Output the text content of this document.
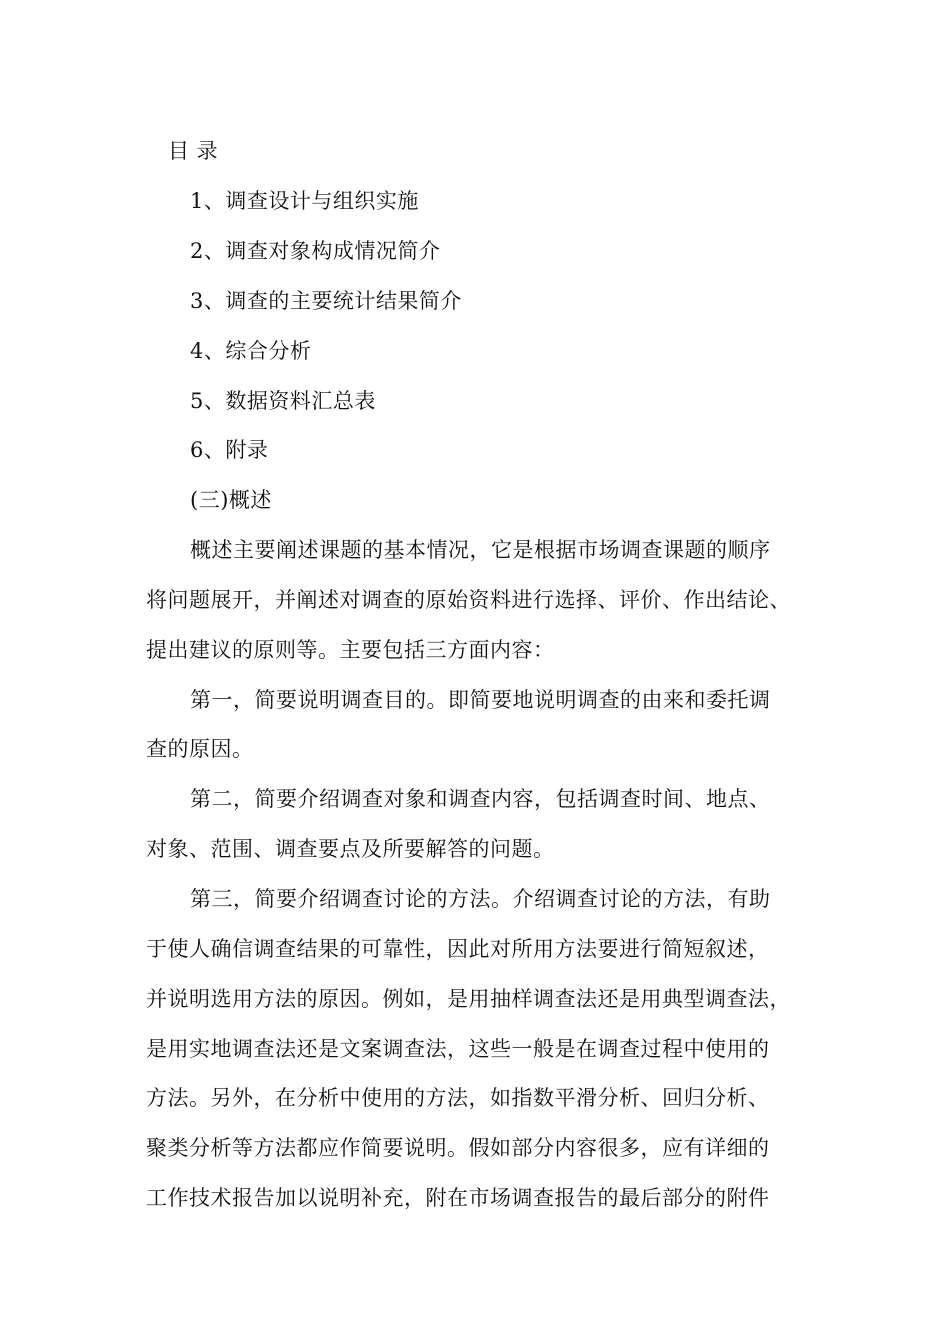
目 录
1、调查设计与组织实施
2、调查对象构成情况简介
3、调查的主要统计结果简介
4、综合分析
5、数据资料汇总表
6、附录
(三)概述
概述主要阐述课题的基本情况，它是根据市场调查课题的顺序
将问题展开，并阐述对调查的原始资料进行选择、评价、作出结论、
提出建议的原则等。主要包括三方面内容：
第一，简要说明调查目的。即简要地说明调查的由来和委托调
查的原因。
第二，简要介绍调查对象和调查内容，包括调查时间、地点、
对象、范围、调查要点及所要解答的问题。
第三，简要介绍调查讨论的方法。介绍调查讨论的方法，有助
于使人确信调查结果的可靠性，因此对所用方法要进行简短叙述，
并说明选用方法的原因。例如，是用抽样调查法还是用典型调查法，
是用实地调查法还是文案调查法，这些一般是在调查过程中使用的
方法。另外，在分析中使用的方法，如指数平滑分析、回归分析、
聚类分析等方法都应作简要说明。假如部分内容很多，应有详细的
工作技术报告加以说明补充，附在市场调查报告的最后部分的附件
